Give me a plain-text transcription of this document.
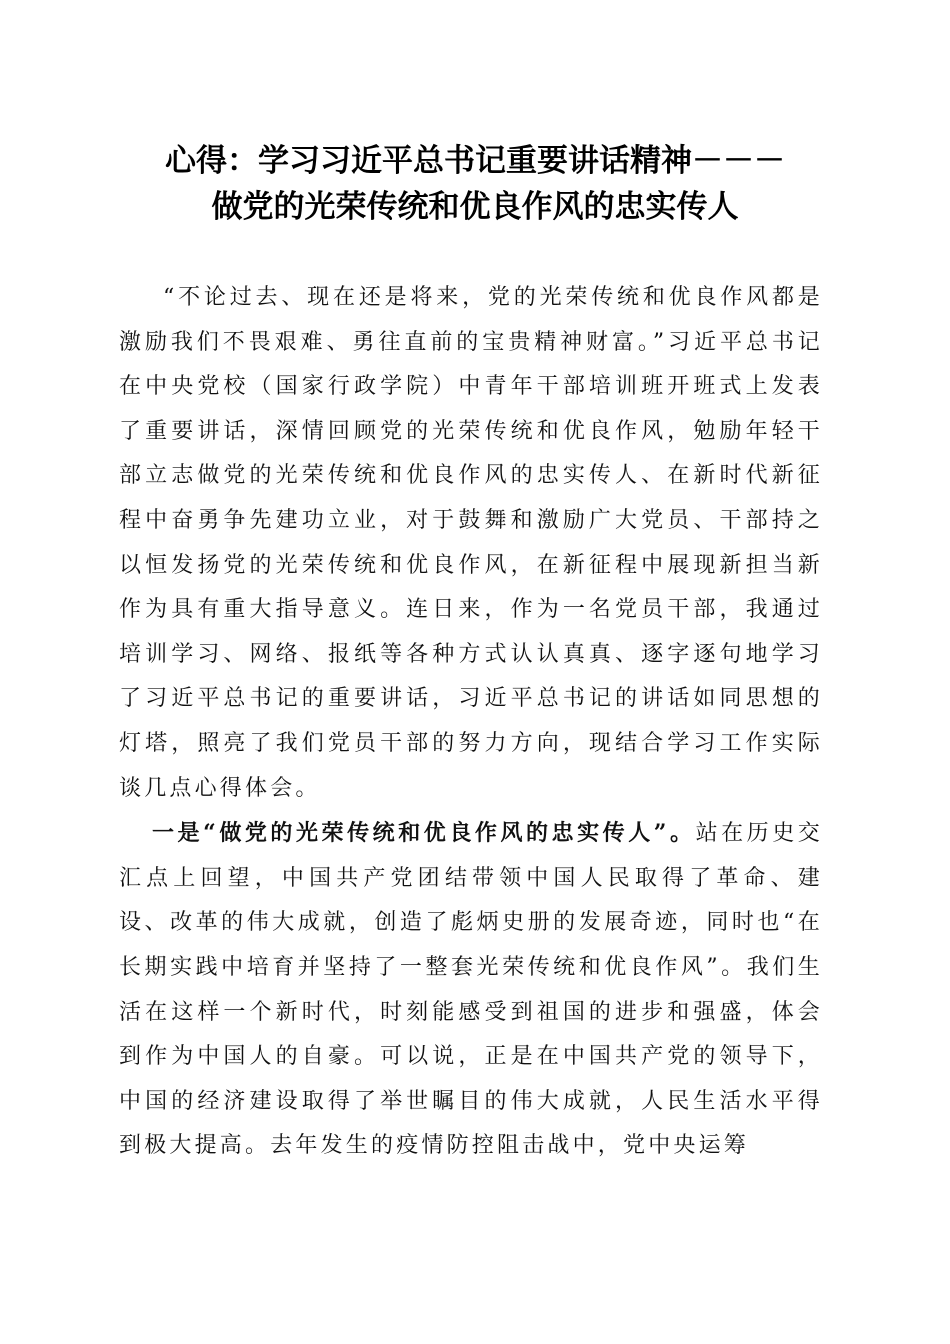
心得：学习习近平总书记重要讲话精神－－－
做党的光荣传统和优良作风的忠实传人

“不论过去、现在还是将来，党的光荣传统和优良作风都是激励我们不畏艰难、勇往直前的宝贵精神财富。”习近平总书记在中央党校（国家行政学院）中青年干部培训班开班式上发表了重要讲话，深情回顾党的光荣传统和优良作风，勉励年轻干部立志做党的光荣传统和优良作风的忠实传人、在新时代新征程中奋勇争先建功立业，对于鼓舞和激励广大党员、干部持之以恒发扬党的光荣传统和优良作风，在新征程中展现新担当新作为具有重大指导意义。连日来，作为一名党员干部，我通过培训学习、网络、报纸等各种方式认认真真、逐字逐句地学习了习近平总书记的重要讲话，习近平总书记的讲话如同思想的灯塔，照亮了我们党员干部的努力方向，现结合学习工作实际谈几点心得体会。

一是“做党的光荣传统和优良作风的忠实传人”。站在历史交汇点上回望，中国共产党团结带领中国人民取得了革命、建设、改革的伟大成就，创造了彪炳史册的发展奇迹，同时也“在长期实践中培育并坚持了一整套光荣传统和优良作风”。我们生活在这样一个新时代，时刻能感受到祖国的进步和强盛，体会到作为中国人的自豪。可以说，正是在中国共产党的领导下，中国的经济建设取得了举世瞩目的伟大成就，人民生活水平得到极大提高。去年发生的疫情防控阻击战中，党中央运筹
